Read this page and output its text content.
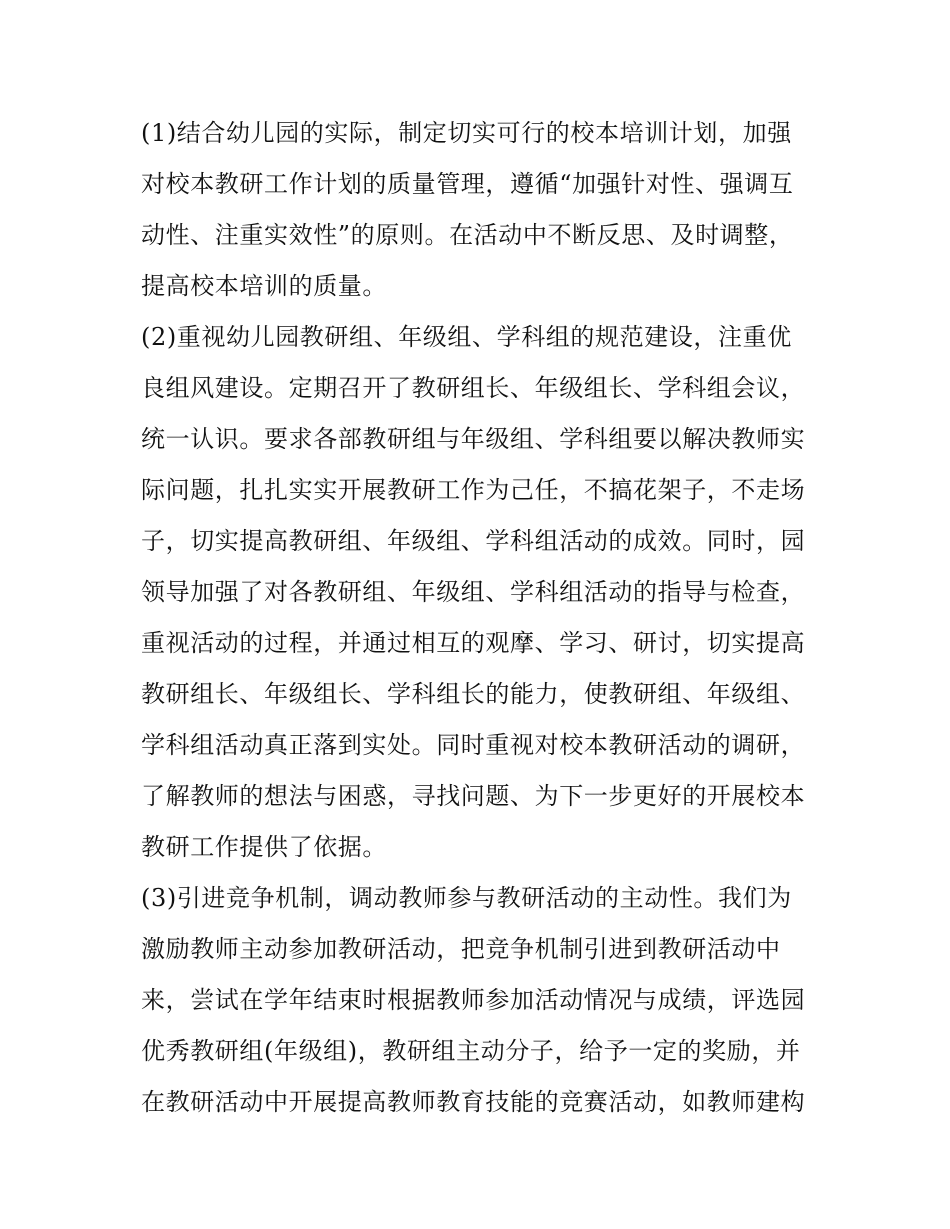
(1)结合幼儿园的实际，制定切实可行的校本培训计划，加强
对校本教研工作计划的质量管理，遵循“加强针对性、强调互
动性、注重实效性”的原则。在活动中不断反思、及时调整，
提高校本培训的质量。
(2)重视幼儿园教研组、年级组、学科组的规范建设，注重优
良组风建设。定期召开了教研组长、年级组长、学科组会议，
统一认识。要求各部教研组与年级组、学科组要以解决教师实
际问题，扎扎实实开展教研工作为己任，不搞花架子，不走场
子，切实提高教研组、年级组、学科组活动的成效。同时，园
领导加强了对各教研组、年级组、学科组活动的指导与检查，
重视活动的过程，并通过相互的观摩、学习、研讨，切实提高
教研组长、年级组长、学科组长的能力，使教研组、年级组、
学科组活动真正落到实处。同时重视对校本教研活动的调研，
了解教师的想法与困惑，寻找问题、为下一步更好的开展校本
教研工作提供了依据。
(3)引进竞争机制，调动教师参与教研活动的主动性。我们为
激励教师主动参加教研活动，把竞争机制引进到教研活动中
来，尝试在学年结束时根据教师参加活动情况与成绩，评选园
优秀教研组(年级组)，教研组主动分子，给予一定的奖励，并
在教研活动中开展提高教师教育技能的竞赛活动，如教师建构
